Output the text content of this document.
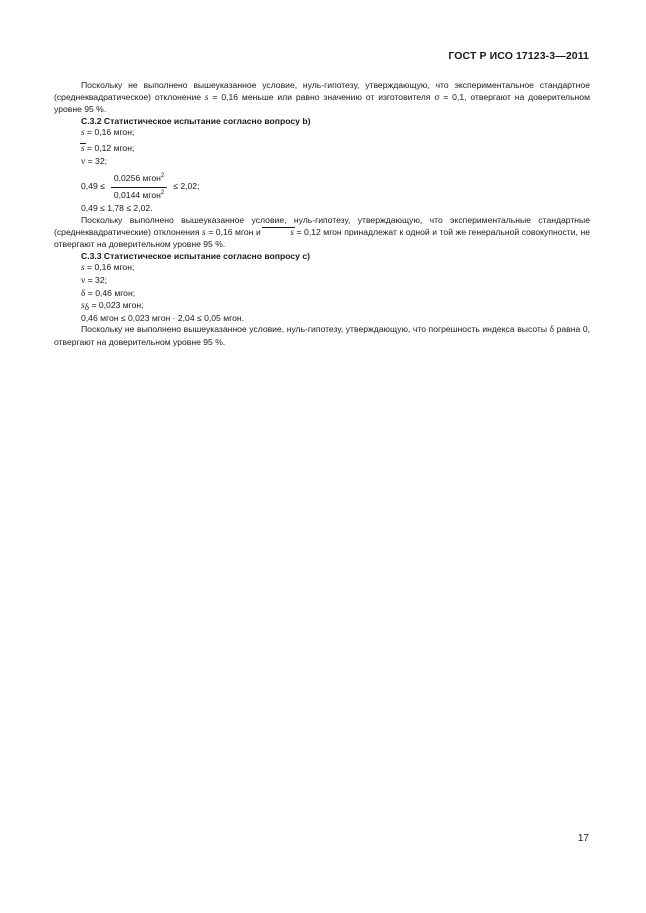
ГОСТ Р ИСО 17123-3—2011

Поскольку не выполнено вышеуказанное условие, нуль-гипотезу, утверждающую, что экспериментальное стандартное (среднеквадратическое) отклонение s = 0,16 меньше или равно значению от изготовителя σ = 0,1, отвергают на доверительном уровне 95 %.

С.3.2 Статистическое испытание согласно вопросу b)

s = 0,16 мгон;

s = 0,12 мгон;

ν = 32;

$0,49 \le \frac{0,0256 мгон^2}{0,0144 мгон^2} \le 2,02$;

0,49 ≤ 1,78 ≤ 2,02.

Поскольку выполнено вышеуказанное условие, нуль-гипотезу, утверждающую, что экспериментальные стандартные (среднеквадратические) отклонения s = 0,16 мгон и	s = 0,12 мгон принадлежат к одной и той же генеральной совокупности, не отвергают на доверительном уровне 95 %.

С.3.3 Статистическое испытание согласно вопросу с)

s = 0,16 мгон;

ν = 32;

δ = 0,46 мгон;

$s_\delta = 0,023$ мгон;

0,46 мгон ≤ 0,023 мгон · 2,04 ≤ 0,05 мгон.

Поскольку не выполнено вышеуказанное условие, нуль-гипотезу, утверждающую, что погрешность индекса высоты δ равна 0, отвергают на доверительном уровне 95 %.

17
